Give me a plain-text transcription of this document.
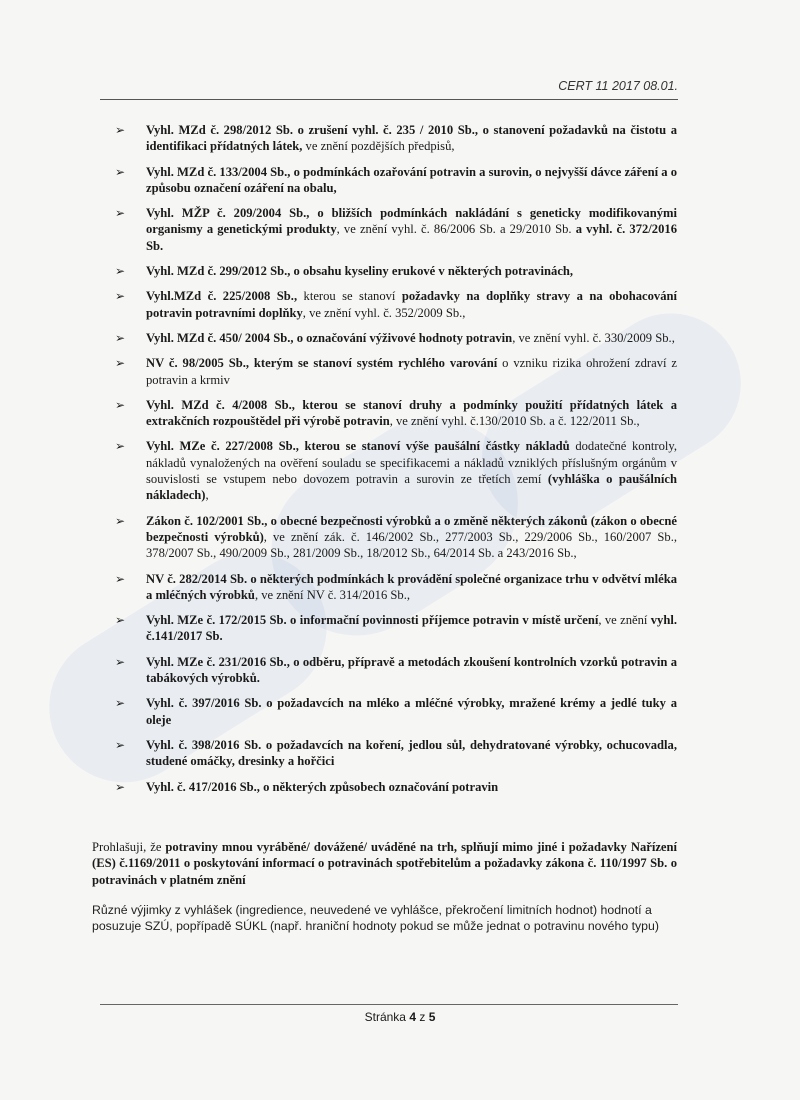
CERT 11 2017 08.01.
➢ Vyhl. MZd č. 298/2012 Sb. o zrušení vyhl. č. 235 / 2010 Sb., o stanovení požadavků na čistotu a identifikaci přídatných látek, ve znění pozdějších předpisů,
➢ Vyhl. MZd č. 133/2004 Sb., o podmínkách ozařování potravin a surovin, o nejvyšší dávce záření a o způsobu označení ozáření na obalu,
➢ Vyhl. MŽP č. 209/2004 Sb., o bližších podmínkách nakládání s geneticky modifikovanými organismy a genetickými produkty, ve znění vyhl. č. 86/2006 Sb. a 29/2010 Sb. a vyhl. č. 372/2016 Sb.
➢ Vyhl. MZd č. 299/2012 Sb., o obsahu kyseliny erukové v některých potravinách,
➢ Vyhl.MZd č. 225/2008 Sb., kterou se stanoví požadavky na doplňky stravy a na obohacování potravin potravními doplňky, ve znění vyhl. č. 352/2009 Sb.,
➢ Vyhl. MZd č. 450/ 2004 Sb., o označování výživové hodnoty potravin, ve znění vyhl. č. 330/2009 Sb.,
➢ NV č. 98/2005 Sb., kterým se stanoví systém rychlého varování o vzniku rizika ohrožení zdraví z potravin a krmiv
➢ Vyhl. MZd č. 4/2008 Sb., kterou se stanoví druhy a podmínky použití přídatných látek a extrakčních rozpouštědel při výrobě potravin, ve znění vyhl. č.130/2010 Sb. a č. 122/2011 Sb.,
➢ Vyhl. MZe č. 227/2008 Sb., kterou se stanoví výše paušální částky nákladů dodatečné kontroly, nákladů vynaložených na ověření souladu se specifikacemi a nákladů vzniklých příslušným orgánům v souvislosti se vstupem nebo dovozem potravin a surovin ze třetích zemí (vyhláška o paušálních nákladech),
➢ Zákon č. 102/2001 Sb., o obecné bezpečnosti výrobků a o změně některých zákonů (zákon o obecné bezpečnosti výrobků), ve znění zák. č. 146/2002 Sb., 277/2003 Sb., 229/2006 Sb., 160/2007 Sb., 378/2007 Sb., 490/2009 Sb., 281/2009 Sb., 18/2012 Sb., 64/2014 Sb. a 243/2016 Sb.,
➢ NV č. 282/2014 Sb. o některých podmínkách k provádění společné organizace trhu v odvětví mléka a mléčných výrobků, ve znění NV č. 314/2016 Sb.,
➢ Vyhl. MZe č. 172/2015 Sb. o informační povinnosti příjemce potravin v místě určení, ve znění vyhl. č.141/2017 Sb.
➢ Vyhl. MZe č. 231/2016 Sb., o odběru, přípravě a metodách zkoušení kontrolních vzorků potravin a tabákových výrobků.
➢ Vyhl. č. 397/2016 Sb. o požadavcích na mléko a mléčné výrobky, mražené krémy a jedlé tuky a oleje
➢ Vyhl. č. 398/2016 Sb. o požadavcích na koření, jedlou sůl, dehydratované výrobky, ochucovadla, studené omáčky, dresinky a hořčici
➢ Vyhl. č. 417/2016 Sb., o některých způsobech označování potravin
Prohlašuji, že potraviny mnou vyráběné/ dovážené/ uváděné na trh, splňují mimo jiné i požadavky Nařízení (ES) č.1169/2011 o poskytování informací o potravinách spotřebitelům a požadavky zákona č. 110/1997 Sb. o potravinách v platném znění
Různé výjimky z vyhlášek (ingredience, neuvedené ve vyhlášce, překročení limitních hodnot) hodnotí a posuzuje SZÚ, popřípadě SÚKL (např. hraniční hodnoty pokud se může jednat o potravinu nového typu)
Stránka 4 z 5
